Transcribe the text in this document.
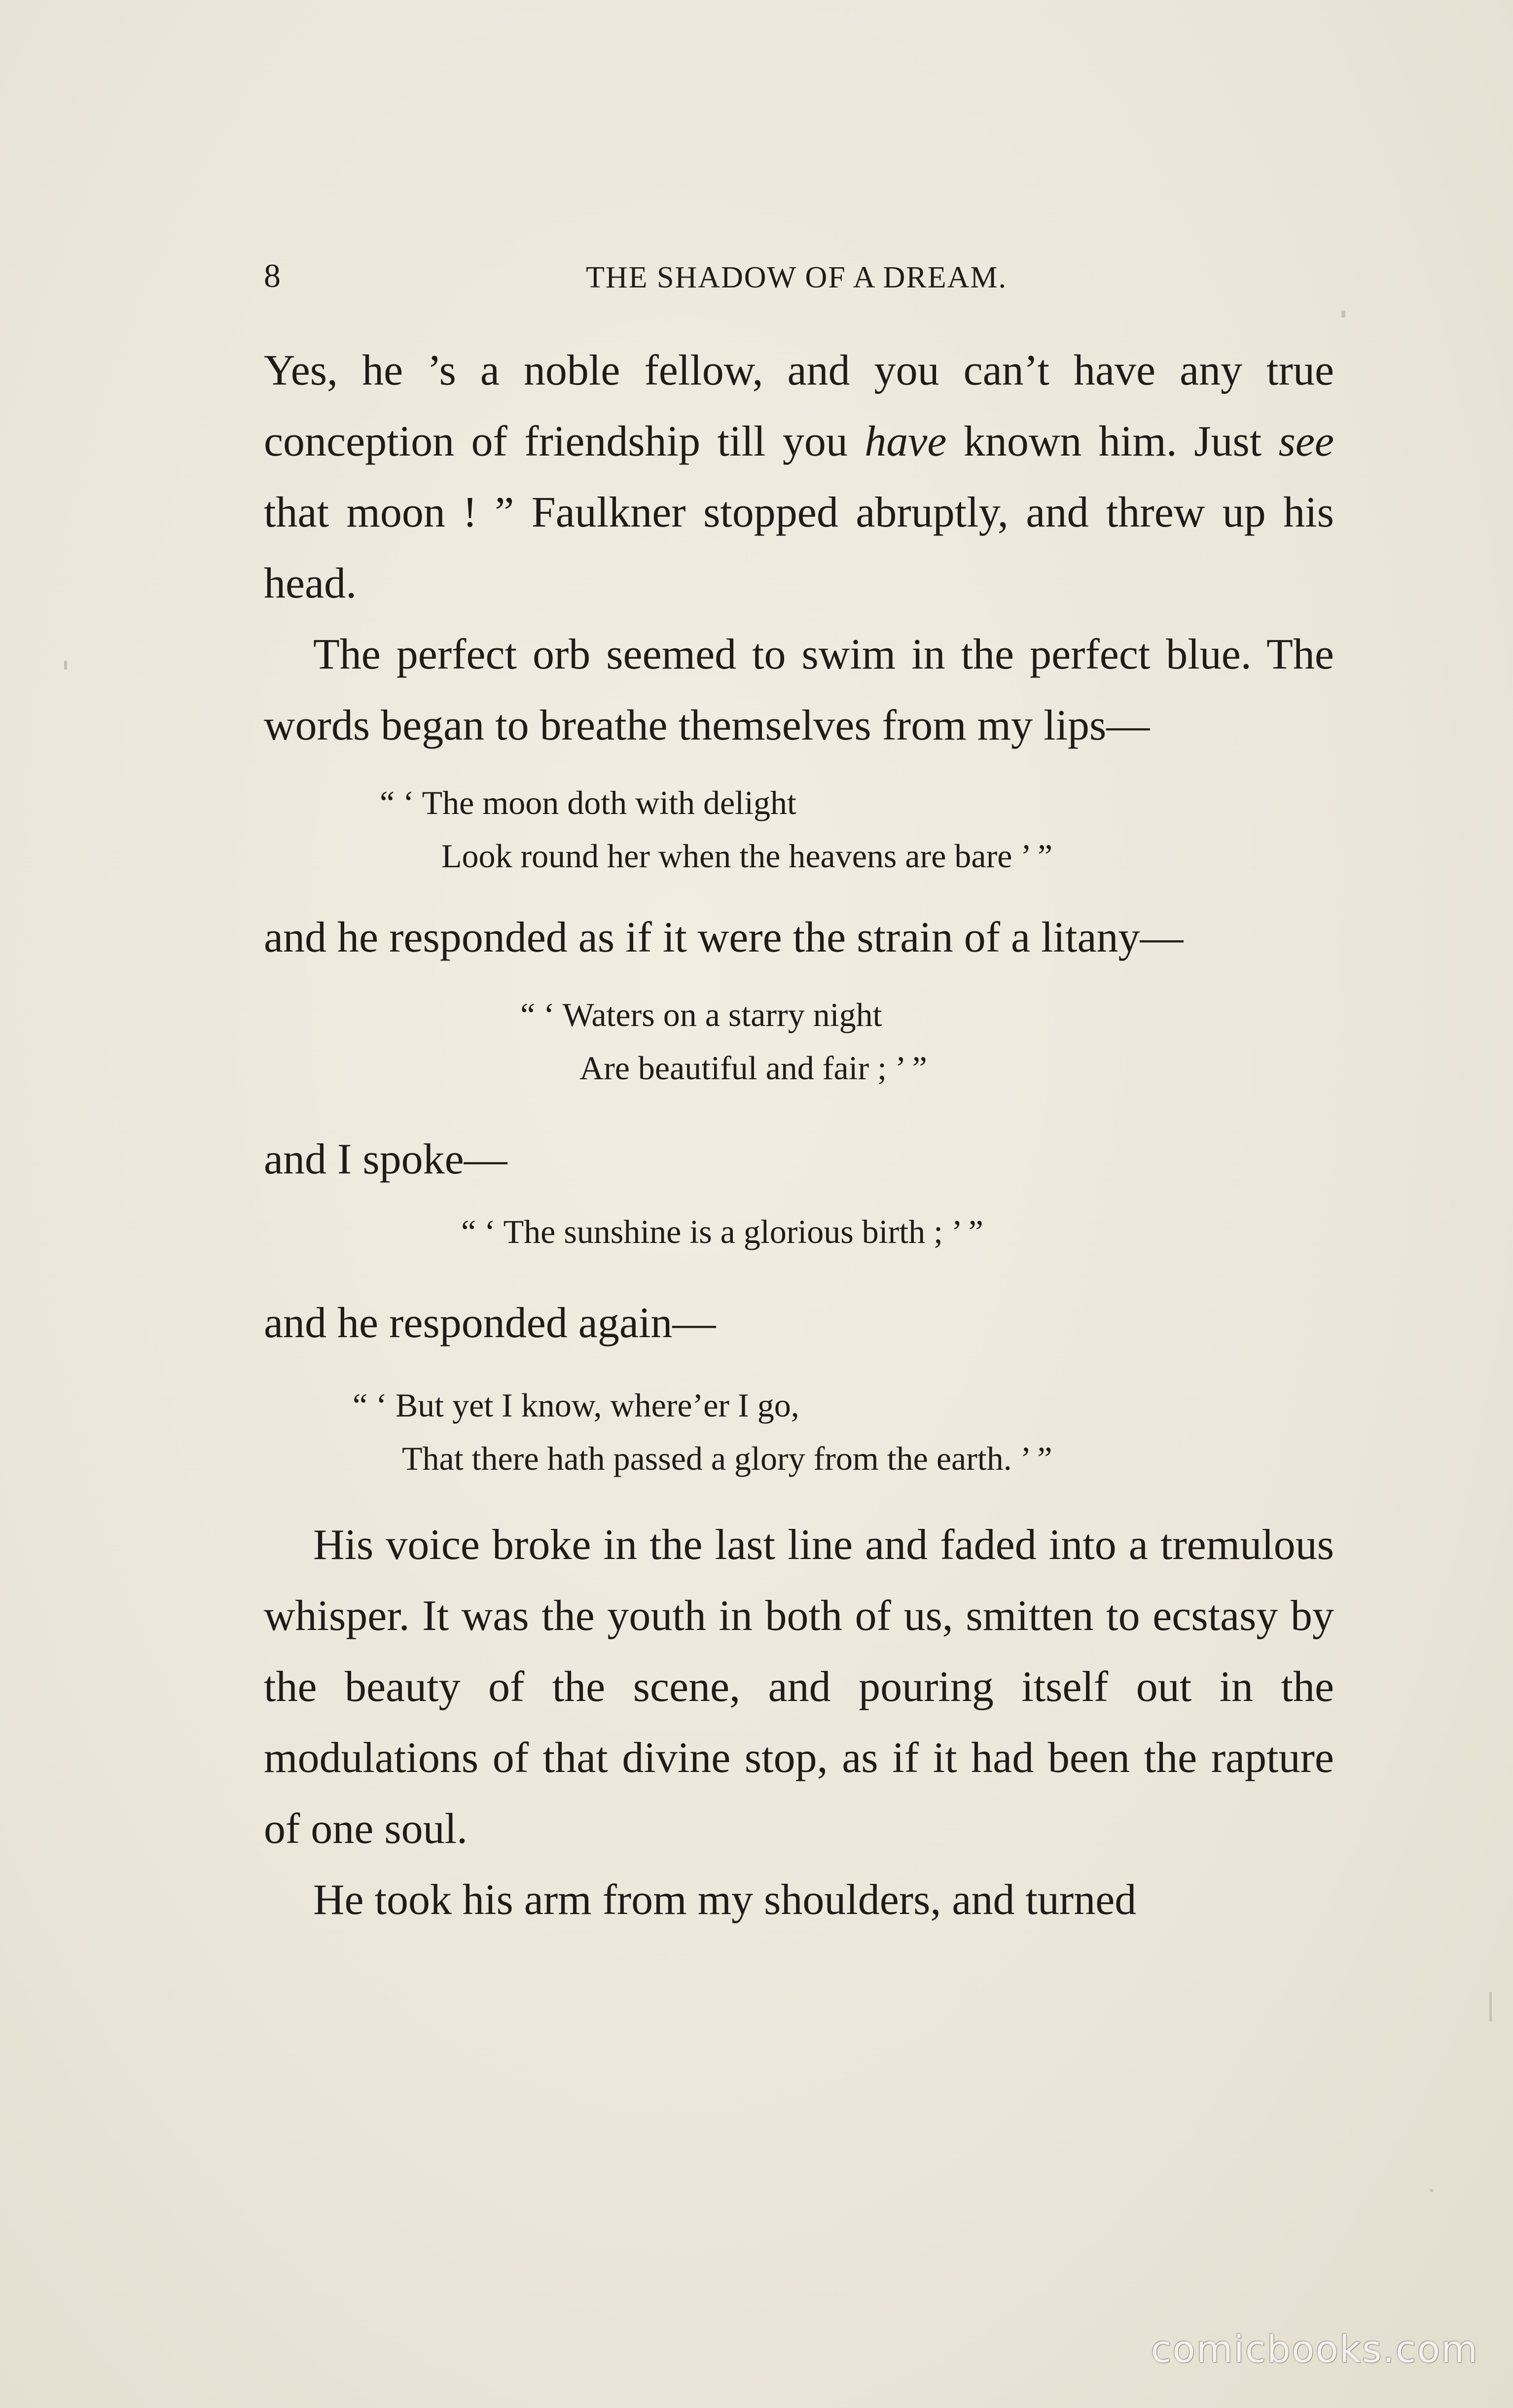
8	THE SHADOW OF A DREAM.

Yes, he ’s a noble fellow, and you can’t have any true conception of friendship till you have known him. Just see that moon ! ” Faulkner stopped abruptly, and threw up his head.

The perfect orb seemed to swim in the perfect blue. The words began to breathe themselves from my lips—

“ ‘ The moon doth with delight
Look round her when the heavens are bare ’ ”

and he responded as if it were the strain of a litany—

“ ‘ Waters on a starry night
Are beautiful and fair ; ’ ”

and I spoke—

“ ‘ The sunshine is a glorious birth ; ’ ”

and he responded again—

“ ‘ But yet I know, where’er I go,
That there hath passed a glory from the earth. ’ ”

His voice broke in the last line and faded into a tremulous whisper. It was the youth in both of us, smitten to ecstasy by the beauty of the scene, and pouring itself out in the modulations of that divine stop, as if it had been the rapture of one soul.

He took his arm from my shoulders, and turned

comicbooks.com
